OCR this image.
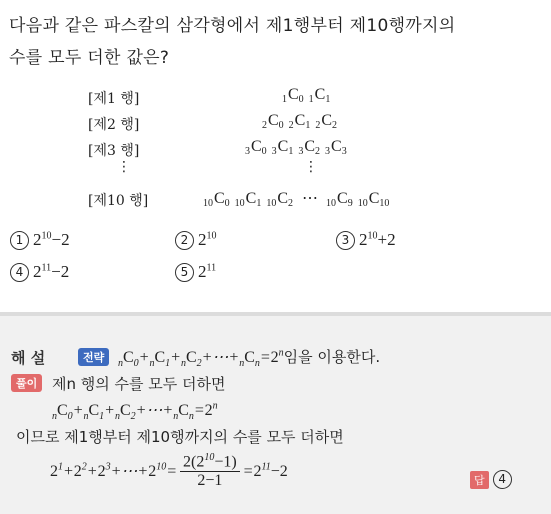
다음과 같은 파스칼의 삼각형에서 제1행부터 제10행까지의
수를 모두 더한 값은?
[제1 행]	$_1C_0$ $_1C_1$
[제2 행]	$_2C_0$ $_2C_1$ $_2C_2$
[제3 행]	$_3C_0$ $_3C_1$ $_3C_2$ $_3C_3$
⋮	⋮
[제10 행]	$_{10}C_0$ $_{10}C_1$ $_{10}C_2$  ⋯  $_{10}C_9$ $_{10}C_{10}$
1 $2^{10}-2$	2 $2^{10}$	3 $2^{10}+2$
4 $2^{11}-2$	5 $2^{11}$
해 설	전략	$_nC_0+_nC_1+_nC_2+\cdots+_nC_n=2^n$임을 이용한다.
풀이 제n 행의 수를 모두 더하면
$_nC_0+_nC_1+_nC_2+\cdots+_nC_n=2^n$
이므로 제1행부터 제10행까지의 수를 모두 더하면
$2^1+2^2+2^3+\cdots+2^{10}= \frac{2(2^{10}-1)}{2-1} =2^{11}-2$
답 4
